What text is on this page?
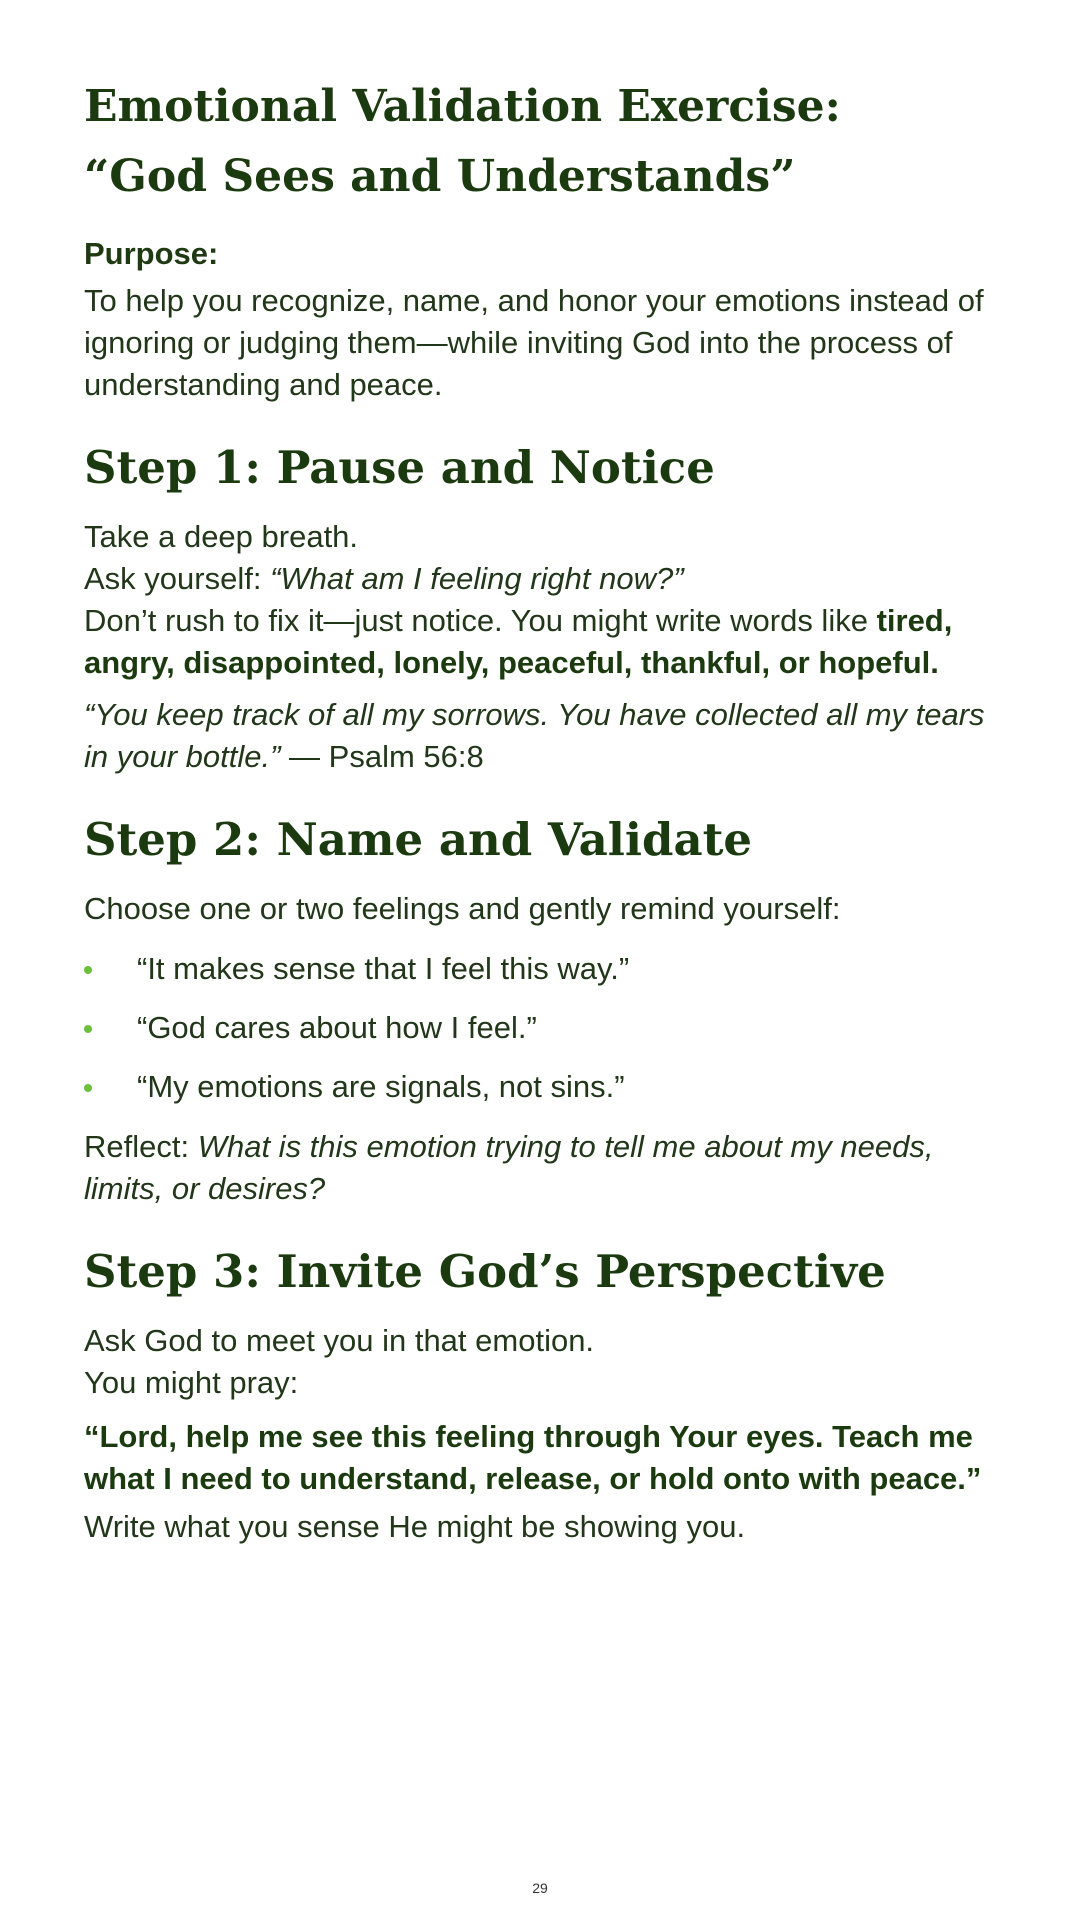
Emotional Validation Exercise:
“God Sees and Understands”

Purpose:

To help you recognize, name, and honor your emotions instead of ignoring or judging them—while inviting God into the process of understanding and peace.

Step 1: Pause and Notice

Take a deep breath.

Ask yourself: “What am I feeling right now?”

Don’t rush to fix it—just notice. You might write words like tired, angry, disappointed, lonely, peaceful, thankful, or hopeful.

“You keep track of all my sorrows. You have collected all my tears in your bottle.” — Psalm 56:8

Step 2: Name and Validate

Choose one or two feelings and gently remind yourself:

“It makes sense that I feel this way.”
“God cares about how I feel.”
“My emotions are signals, not sins.”

Reflect: What is this emotion trying to tell me about my needs, limits, or desires?

Step 3: Invite God’s Perspective

Ask God to meet you in that emotion.

You might pray:

“Lord, help me see this feeling through Your eyes. Teach me what I need to understand, release, or hold onto with peace.”

Write what you sense He might be showing you.

29
